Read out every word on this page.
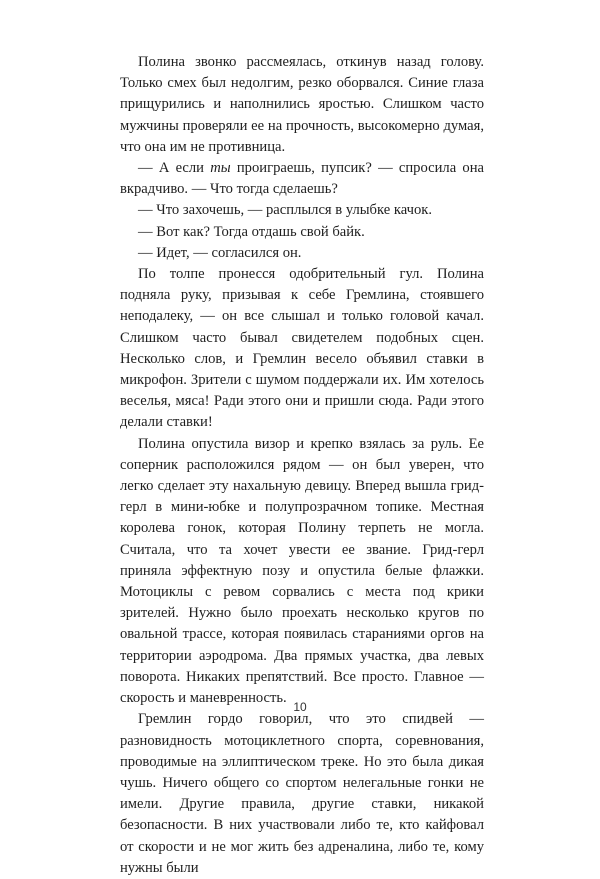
Полина звонко рассмеялась, откинув назад голову. Только смех был недолгим, резко оборвался. Синие глаза прищурились и наполнились яростью. Слишком часто мужчины проверяли ее на прочность, высокомерно думая, что она им не противница.

— А если ты проиграешь, пупсик? — спросила она вкрадчиво. — Что тогда сделаешь?

— Что захочешь, — расплылся в улыбке качок.

— Вот как? Тогда отдашь свой байк.

— Идет, — согласился он.

По толпе пронесся одобрительный гул. Полина подняла руку, призывая к себе Гремлина, стоявшего неподалеку, — он все слышал и только головой качал. Слишком часто бывал свидетелем подобных сцен. Несколько слов, и Гремлин весело объявил ставки в микрофон. Зрители с шумом поддержали их. Им хотелось веселья, мяса! Ради этого они и пришли сюда. Ради этого делали ставки!

Полина опустила визор и крепко взялась за руль. Ее соперник расположился рядом — он был уверен, что легко сделает эту нахальную девицу. Вперед вышла грид-герл в мини-юбке и полупрозрачном топике. Местная королева гонок, которая Полину терпеть не могла. Считала, что та хочет увести ее звание. Грид-герл приняла эффектную позу и опустила белые флажки. Мотоциклы с ревом сорвались с места под крики зрителей. Нужно было проехать несколько кругов по овальной трассе, которая появилась стараниями оргов на территории аэродрома. Два прямых участка, два левых поворота. Никаких препятствий. Все просто. Главное — скорость и маневренность.

Гремлин гордо говорил, что это спидвей — разновидность мотоциклетного спорта, соревнования, проводимые на эллиптическом треке. Но это была дикая чушь. Ничего общего со спортом нелегальные гонки не имели. Другие правила, другие ставки, никакой безопасности. В них участвовали либо те, кто кайфовал от скорости и не мог жить без адреналина, либо те, кому нужны были

10
